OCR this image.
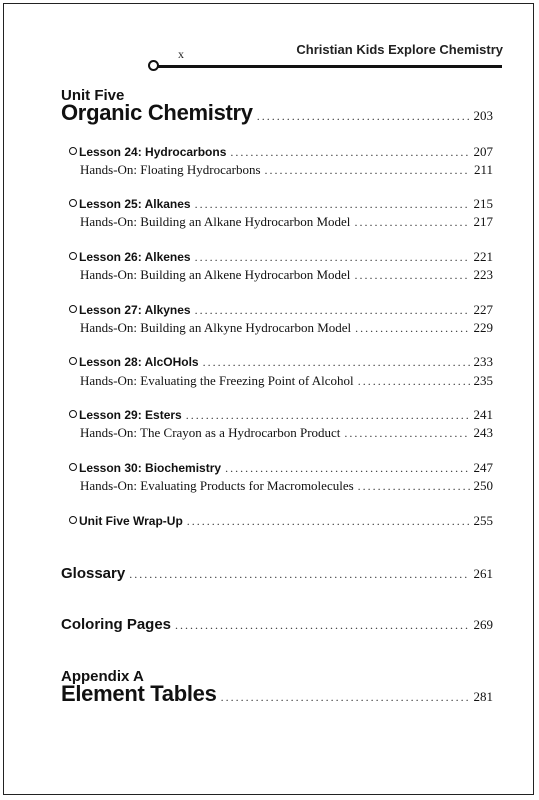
x	Christian Kids Explore Chemistry
Unit Five
Organic Chemistry .....	203
Lesson 24: Hydrocarbons .....	207
Hands-On: Floating Hydrocarbons .....	211
Lesson 25: Alkanes .....	215
Hands-On: Building an Alkane Hydrocarbon Model .....	217
Lesson 26: Alkenes .....	221
Hands-On: Building an Alkene Hydrocarbon Model .....	223
Lesson 27: Alkynes .....	227
Hands-On: Building an Alkyne Hydrocarbon Model .....	229
Lesson 28: AlcOHols .....	233
Hands-On: Evaluating the Freezing Point of Alcohol .....	235
Lesson 29: Esters .....	241
Hands-On: The Crayon as a Hydrocarbon Product .....	243
Lesson 30: Biochemistry .....	247
Hands-On: Evaluating Products for Macromolecules .....	250
Unit Five Wrap-Up .....	255
Glossary .....	261
Coloring Pages .....	269
Appendix A
Element Tables .....	281
